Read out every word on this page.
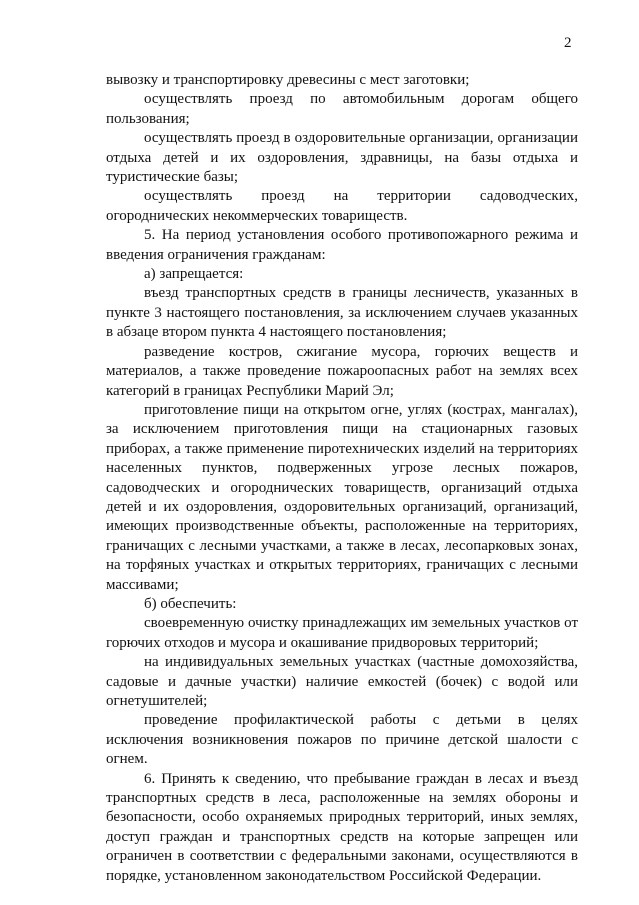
2

вывозку и транспортировку древесины с мест заготовки;

осуществлять проезд по автомобильным дорогам общего пользования;

осуществлять проезд в оздоровительные организации, организации отдыха детей и их оздоровления, здравницы, на базы отдыха и туристические базы;

осуществлять проезд на территории садоводческих, огороднических некоммерческих товариществ.

5. На период установления особого противопожарного режима и введения ограничения гражданам:

а) запрещается:

въезд транспортных средств в границы лесничеств, указанных в пункте 3 настоящего постановления, за исключением случаев указанных в абзаце втором пункта 4 настоящего постановления;

разведение костров, сжигание мусора, горючих веществ и материалов, а также проведение пожароопасных работ на землях всех категорий в границах Республики Марий Эл;

приготовление пищи на открытом огне, углях (кострах, мангалах), за исключением приготовления пищи на стационарных газовых приборах, а также применение пиротехнических изделий на территориях населенных пунктов, подверженных угрозе лесных пожаров, садоводческих и огороднических товариществ, организаций отдыха детей и их оздоровления, оздоровительных организаций, организаций, имеющих производственные объекты, расположенные на территориях, граничащих с лесными участками, а также в лесах, лесопарковых зонах, на торфяных участках и открытых территориях, граничащих с лесными массивами;

б) обеспечить:

своевременную очистку принадлежащих им земельных участков от горючих отходов и мусора и окашивание придворовых территорий;

на индивидуальных земельных участках (частные домохозяйства, садовые и дачные участки) наличие емкостей (бочек) с водой или огнетушителей;

проведение профилактической работы с детьми в целях исключения возникновения пожаров по причине детской шалости с огнем.

6. Принять к сведению, что пребывание граждан в лесах и въезд транспортных средств в леса, расположенные на землях обороны и безопасности, особо охраняемых природных территорий, иных землях, доступ граждан и транспортных средств на которые запрещен или ограничен в соответствии с федеральными законами, осуществляются в порядке, установленном законодательством Российской Федерации.
